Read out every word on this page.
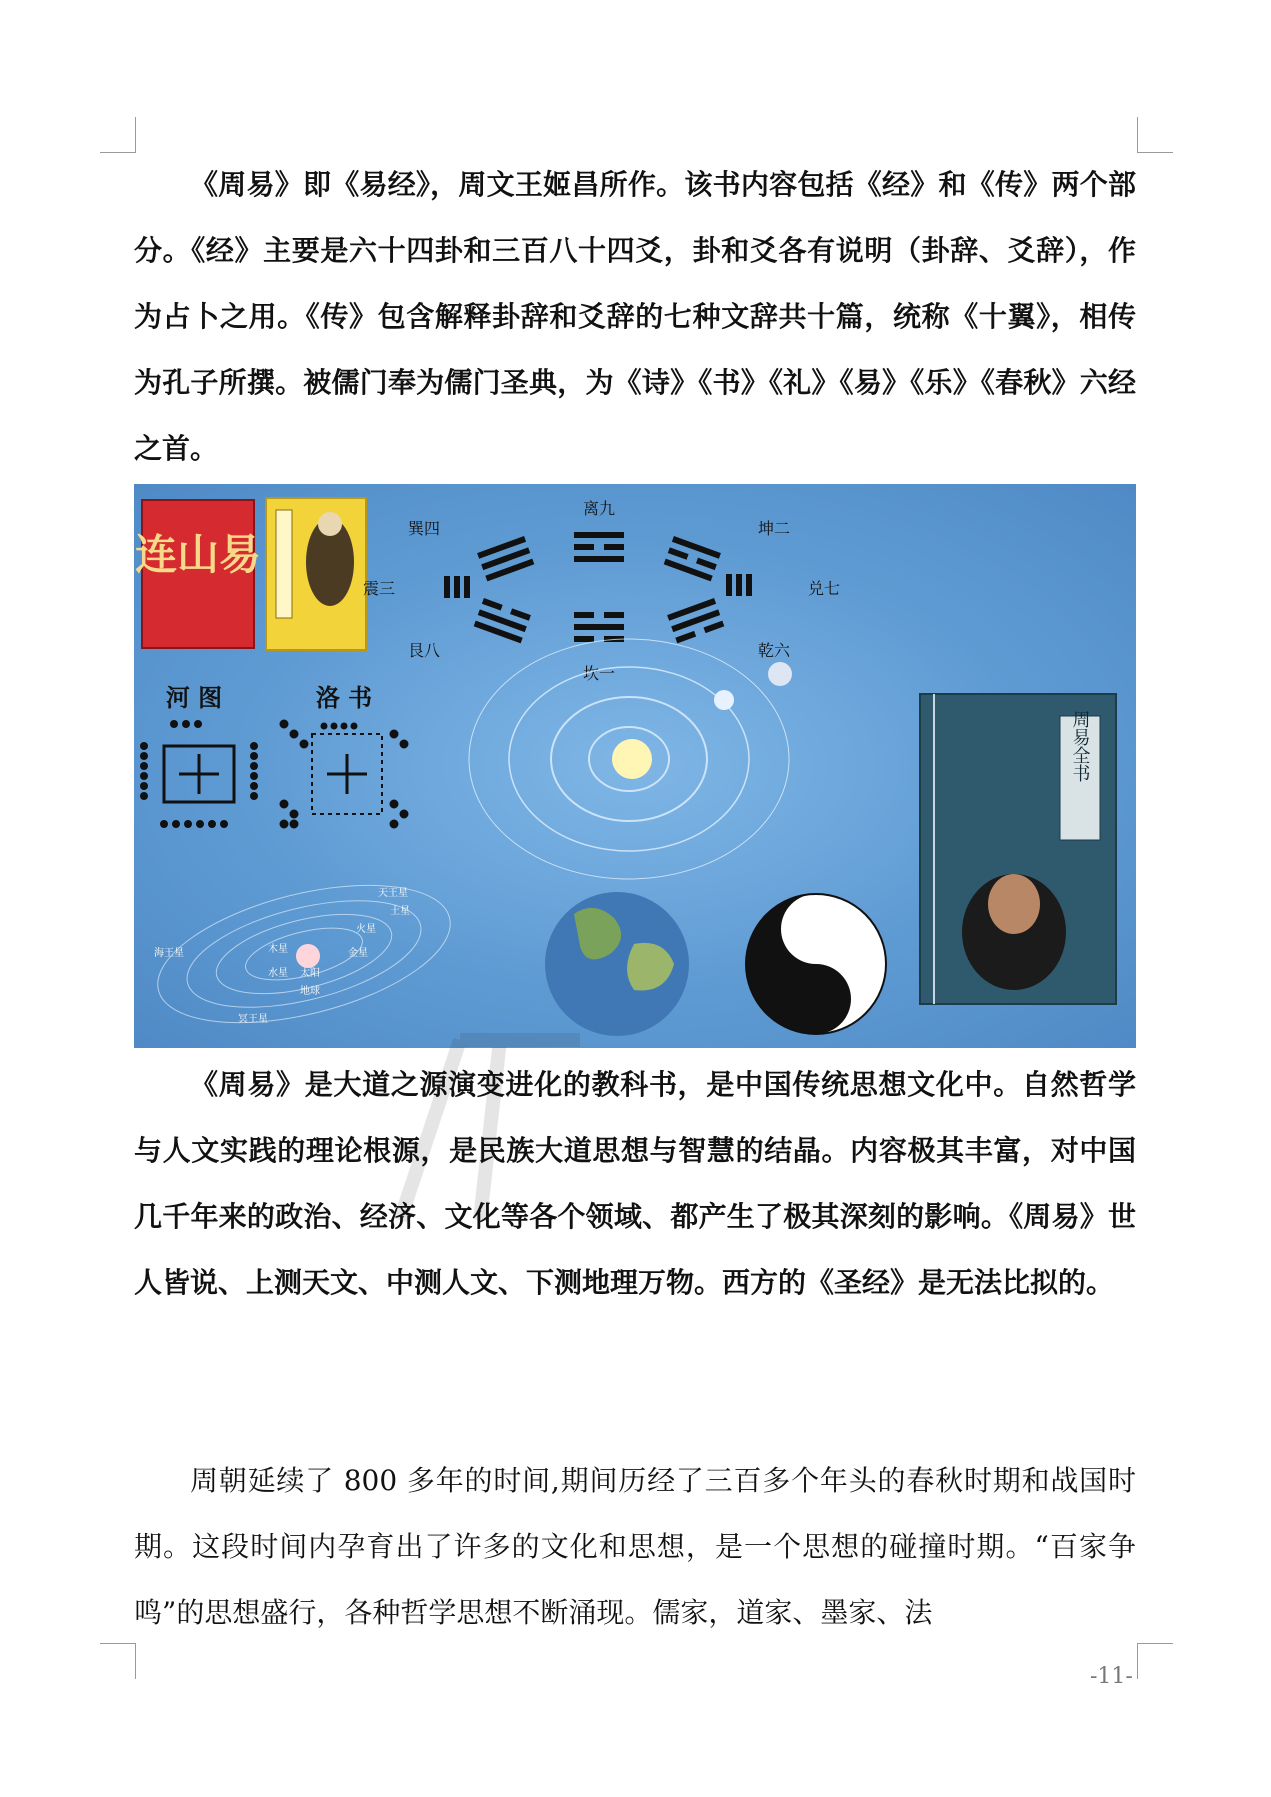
《周易》即《易经》，周文王姬昌所作。该书内容包括《经》和《传》两个部分。《经》主要是六十四卦和三百八十四爻，卦和爻各有说明（卦辞、爻辞），作为占卜之用。《传》包含解释卦辞和爻辞的七种文辞共十篇，统称《十翼》，相传为孔子所撰。被儒门奉为儒门圣典，为《诗》《书》《礼》《易》《乐》《春秋》六经之首。

连山易
河 图	洛 书
离九
坤二
兑七
乾六
坎一
艮八
震三
巽四
天王星
土星
火星
金星
木星
水星 太阳
地球
海王星
冥王星
周易全书

《周易》是大道之源演变进化的教科书，是中国传统思想文化中。自然哲学与人文实践的理论根源，是民族大道思想与智慧的结晶。内容极其丰富，对中国几千年来的政治、经济、文化等各个领域、都产生了极其深刻的影响。《周易》世人皆说、上测天文、中测人文、下测地理万物。西方的《圣经》是无法比拟的。

周朝延续了 800 多年的时间,期间历经了三百多个年头的春秋时期和战国时期。这段时间内孕育出了许多的文化和思想，是一个思想的碰撞时期。“百家争鸣”的思想盛行，各种哲学思想不断涌现。儒家，道家、墨家、法

-11-
